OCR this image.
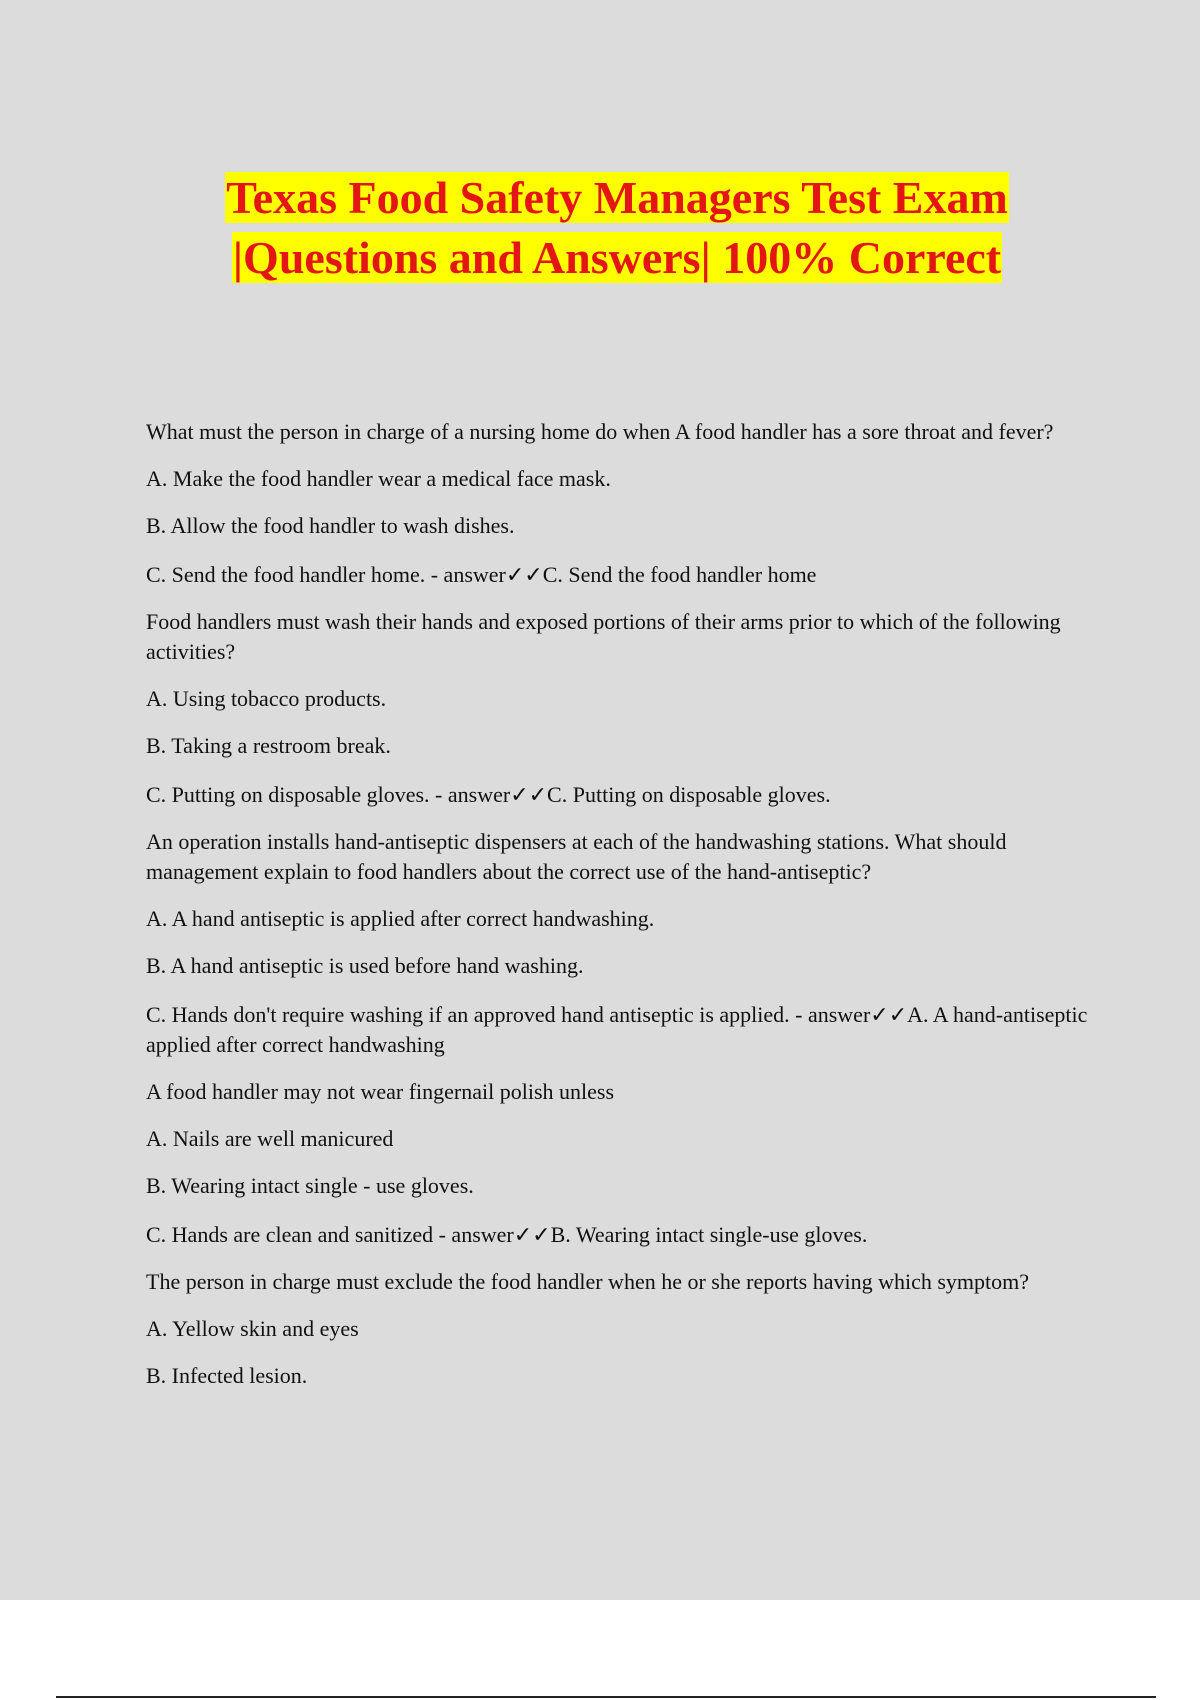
Texas Food Safety Managers Test Exam
|Questions and Answers| 100% Correct

What must the person in charge of a nursing home do when A food handler has a sore throat and fever?

A. Make the food handler wear a medical face mask.

B. Allow the food handler to wash dishes.

C. Send the food handler home. - answer✓✓C. Send the food handler home

Food handlers must wash their hands and exposed portions of their arms prior to which of the following activities?

A. Using tobacco products.

B. Taking a restroom break.

C. Putting on disposable gloves. - answer✓✓C. Putting on disposable gloves.

An operation installs hand-antiseptic dispensers at each of the handwashing stations. What should management explain to food handlers about the correct use of the hand-antiseptic?

A. A hand antiseptic is applied after correct handwashing.

B. A hand antiseptic is used before hand washing.

C. Hands don't require washing if an approved hand antiseptic is applied. - answer✓✓A. A hand-antiseptic applied after correct handwashing

A food handler may not wear fingernail polish unless

A. Nails are well manicured

B. Wearing intact single - use gloves.

C. Hands are clean and sanitized - answer✓✓B. Wearing intact single-use gloves.

The person in charge must exclude the food handler when he or she reports having which symptom?

A. Yellow skin and eyes

B. Infected lesion.
